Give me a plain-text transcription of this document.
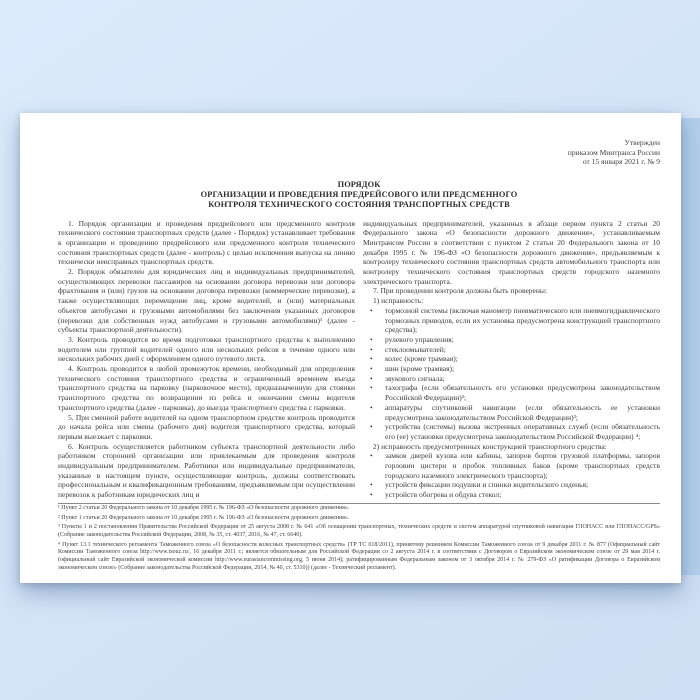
Утвержден
приказом Минтранса России
от 15 января 2021 г. № 9
ПОРЯДОК
ОРГАНИЗАЦИИ И ПРОВЕДЕНИЯ ПРЕДРЕЙСОВОГО ИЛИ ПРЕДСМЕННОГО
КОНТРОЛЯ ТЕХНИЧЕСКОГО СОСТОЯНИЯ ТРАНСПОРТНЫХ СРЕДСТВ

1. Порядок организации и проведения предрейсового или предсменного контроля технического состояния транспортных средств (далее - Порядок) устанавливает требования к организации и проведению предрейсового или предсменного контроля технического состояния транспортных средств (далее - контроль) с целью исключения выпуска на линию технически неисправных транспортных средств.

2. Порядок обязателен для юридических лиц и индивидуальных предпринимателей, осуществляющих перевозки пассажиров на основании договора перевозки или договора фрахтования и (или) грузов на основании договора перевозки (коммерческие перевозки), а также осуществляющих перемещение лиц, кроме водителей, и (или) материальных объектов автобусами и грузовыми автомобилями без заключения указанных договоров (перевозки для собственных нужд автобусами и грузовыми автомобилями)¹ (далее - субъекты транспортной деятельности).

3. Контроль проводится во время подготовки транспортного средства к выполнению водителем или группой водителей одного или нескольких рейсов в течение одного или нескольких рабочих дней с оформлением одного путевого листа.

4. Контроль проводится в любой промежуток времени, необходимый для определения технического состояния транспортного средства и ограниченный временем въезда транспортного средства на парковку (парковочное место), предназначенную для стоянки транспортного средства по возвращении из рейса и окончании смены водителя транспортного средства (далее - парковка), до выезда транспортного средства с парковки.

5. При сменной работе водителей на одном транспортном средстве контроль проводится до начала рейса или смены (рабочего дня) водителя транспортного средства, который первым выезжает с парковки.

6. Контроль осуществляется работником субъекта транспортной деятельности либо работником сторонней организации или привлекаемым для проведения контроля индивидуальным предпринимателем. Работники или индивидуальные предприниматели, указанные в настоящем пункте, осуществляющие контроль, должны соответствовать профессиональным и квалификационным требованиям, предъявляемым при осуществлении перевозок к работникам юридических лиц и

индивидуальных предпринимателей, указанных в абзаце первом пункта 2 статьи 20 Федерального закона «О безопасности дорожного движения», устанавливаемым Минтрансом России в соответствии с пунктом 2 статьи 20 Федерального закона от 10 декабря 1995 г. № 196-ФЗ «О безопасности дорожного движения», предъявляемым к контролеру технического состояния транспортных средств автомобильного транспорта или контролеру технического состояния транспортных средств городского наземного электрического транспорта.

7. При проведении контроля должны быть проверены:

1) исправность:

• тормозной системы (включая манометр пневматического или пневмогидравлического тормозных приводов, если их установка предусмотрена конструкцией транспортного средства);
• рулевого управления;
• стеклоомывателей;
• колес (кроме трамвая);
• шин (кроме трамвая);
• звукового сигнала;
• тахографа (если обязательность его установки предусмотрена законодательством Российской Федерации)²;
• аппаратуры спутниковой навигации (если обязательность ее установки предусмотрена законодательством Российской Федерации)³;
• устройства (системы) вызова экстренных оперативных служб (если обязательность его (ее) установки предусмотрена законодательством Российской Федерации) ⁴;

2) исправность предусмотренных конструкцией транспортного средства:

• замков дверей кузова или кабины, запоров бортов грузовой платформы, запоров горловин цистерн и пробок топливных баков (кроме транспортных средств городского наземного электрического транспорта);
• устройств фиксации подушки и спинки водительского сиденья;
• устройств обогрева и обдува стекол;

¹ Пункт 2 статьи 20 Федерального закона от 10 декабря 1995 г. № 196-ФЗ «О безопасности дорожного движения».

² Пункт 1 статьи 20 Федерального закона от 10 декабря 1995 г. № 196-ФЗ «О безопасности дорожного движения».

³ Пункты 1 и 2 постановления Правительства Российской Федерации от 25 августа 2008 г. № 641 «Об оснащении транспортных, технических средств и систем аппаратурой спутниковой навигации ГЛОНАСС или ГЛОНАСС/GPS» (Собрание законодательства Российской Федерации, 2008, № 35, ст. 4037, 2016, № 47, ст. 6640).

⁴ Пункт 13.1 технического регламента Таможенного союза «О безопасности колесных транспортных средств» (ТР ТС 018/2011), принятому решением Комиссии Таможенного союза от 9 декабря 2011 г. № 877 (Официальный сайт Комиссии Таможенного союза http://www.tsouz.ru/, 16 декабря 2011 г.; является обязательным для Российской Федерации со 2 августа 2014 г. в соответствии с Договором о Евразийском экономическом союзе от 29 мая 2014 г. (официальный сайт Евразийской экономической комиссии http://www.eurasiancommissing.org, 5 июня 2014); ратифицированным Федеральным законом от 3 октября 2014 г. № 279-ФЗ «О ратификации Договора о Евразийском экономическом союзе» (Собрание законодательства Российской Федерации, 2014, № 40, ст. 5310)) (далее - Технический регламент).
